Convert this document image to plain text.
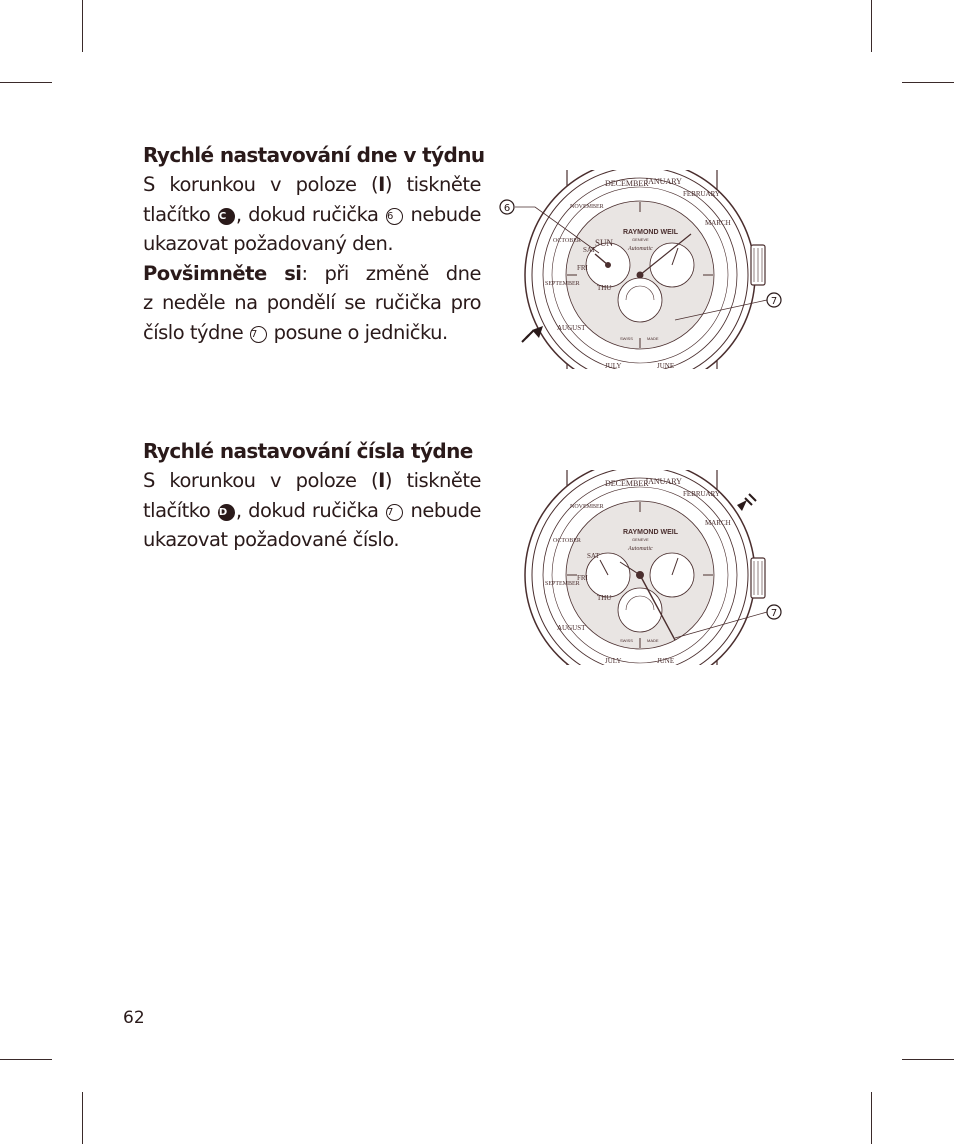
Rychlé nastavování dne v týdnu
S korunkou v poloze (I) tiskněte
tlačítko C , dokud ručička 6 nebude
ukazovat požadovaný den.
Povšimněte si: při změně dne
z neděle na pondělí se ručička pro
číslo týdne 7 posune o jedničku.
Rychlé nastavování čísla týdne
S korunkou v poloze (I) tiskněte
tlačítko D , dokud ručička 7 nebude
ukazovat požadované číslo.
DECEMBER
JANUARY
FEBRUARY
MARCH
JUNE
JULY
AUGUST
SEPTEMBER
OCTOBER
NOVEMBER
RAYMOND WEIL
GENEVE
Automatic
SUN
FRI
SAT
THU
SWISS	MADE
6
7
DECEMBER
JANUARY
FEBRUARY
MARCH
JUNE
JULY
AUGUST
SEPTEMBER
OCTOBER
NOVEMBER
RAYMOND WEIL
GENEVE
Automatic
FRI
SAT
THU
SWISS	MADE
7
62
